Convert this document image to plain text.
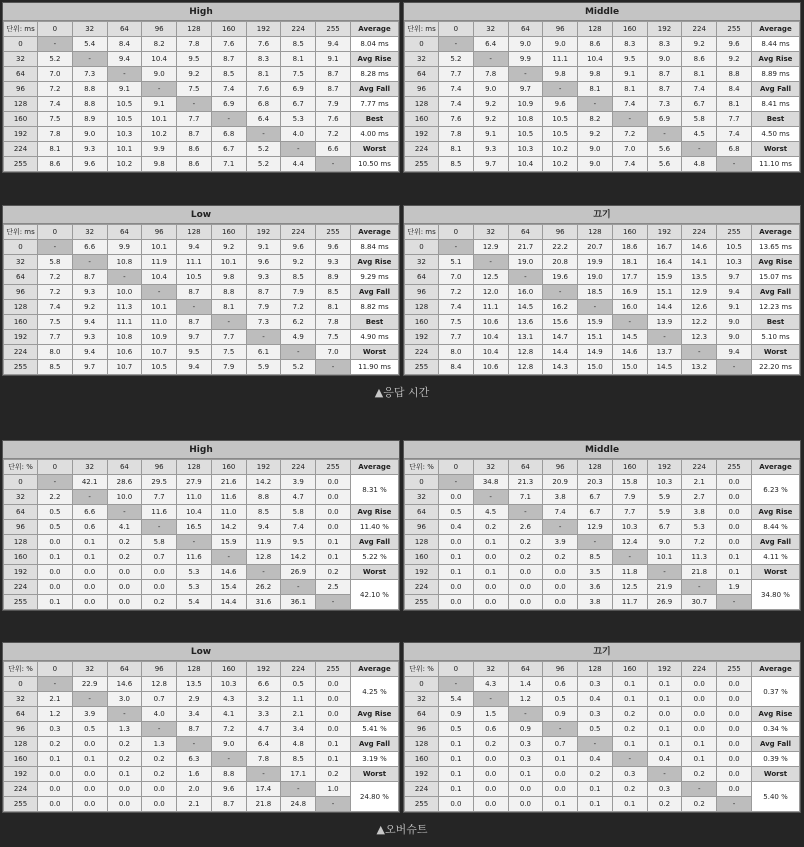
High
단위: ms	0	32	64	96	128	160	192	224	255	Average
0	-	5.4	8.4	8.2	7.8	7.6	7.6	8.5	9.4	8.04 ms
32	5.2	-	9.4	10.4	9.5	8.7	8.3	8.1	9.1	Avg Rise
64	7.0	7.3	-	9.0	9.2	8.5	8.1	7.5	8.7	8.28 ms
96	7.2	8.8	9.1	-	7.5	7.4	7.6	6.9	8.7	Avg Fall
128	7.4	8.8	10.5	9.1	-	6.9	6.8	6.7	7.9	7.77 ms
160	7.5	8.9	10.5	10.1	7.7	-	6.4	5.3	7.6	Best
192	7.8	9.0	10.3	10.2	8.7	6.8	-	4.0	7.2	4.00 ms
224	8.1	9.3	10.1	9.9	8.6	6.7	5.2	-	6.6	Worst
255	8.6	9.6	10.2	9.8	8.6	7.1	5.2	4.4	-	10.50 ms
Middle
단위: ms	0	32	64	96	128	160	192	224	255	Average
0	-	6.4	9.0	9.0	8.6	8.3	8.3	9.2	9.6	8.44 ms
32	5.2	-	9.9	11.1	10.4	9.5	9.0	8.6	9.2	Avg Rise
64	7.7	7.8	-	9.8	9.8	9.1	8.7	8.1	8.8	8.89 ms
96	7.4	9.0	9.7	-	8.1	8.1	8.7	7.4	8.4	Avg Fall
128	7.4	9.2	10.9	9.6	-	7.4	7.3	6.7	8.1	8.41 ms
160	7.6	9.2	10.8	10.5	8.2	-	6.9	5.8	7.7	Best
192	7.8	9.1	10.5	10.5	9.2	7.2	-	4.5	7.4	4.50 ms
224	8.1	9.3	10.3	10.2	9.0	7.0	5.6	-	6.8	Worst
255	8.5	9.7	10.4	10.2	9.0	7.4	5.6	4.8	-	11.10 ms
Low
단위: ms	0	32	64	96	128	160	192	224	255	Average
0	-	6.6	9.9	10.1	9.4	9.2	9.1	9.6	9.6	8.84 ms
32	5.8	-	10.8	11.9	11.1	10.1	9.6	9.2	9.3	Avg Rise
64	7.2	8.7	-	10.4	10.5	9.8	9.3	8.5	8.9	9.29 ms
96	7.2	9.3	10.0	-	8.7	8.8	8.7	7.9	8.5	Avg Fall
128	7.4	9.2	11.3	10.1	-	8.1	7.9	7.2	8.1	8.82 ms
160	7.5	9.4	11.1	11.0	8.7	-	7.3	6.2	7.8	Best
192	7.7	9.3	10.8	10.9	9.7	7.7	-	4.9	7.5	4.90 ms
224	8.0	9.4	10.6	10.7	9.5	7.5	6.1	-	7.0	Worst
255	8.5	9.7	10.7	10.5	9.4	7.9	5.9	5.2	-	11.90 ms
끄기
단위: ms	0	32	64	96	128	160	192	224	255	Average
0	-	12.9	21.7	22.2	20.7	18.6	16.7	14.6	10.5	13.65 ms
32	5.1	-	19.0	20.8	19.9	18.1	16.4	14.1	10.3	Avg Rise
64	7.0	12.5	-	19.6	19.0	17.7	15.9	13.5	9.7	15.07 ms
96	7.2	12.0	16.0	-	18.5	16.9	15.1	12.9	9.4	Avg Fall
128	7.4	11.1	14.5	16.2	-	16.0	14.4	12.6	9.1	12.23 ms
160	7.5	10.6	13.6	15.6	15.9	-	13.9	12.2	9.0	Best
192	7.7	10.4	13.1	14.7	15.1	14.5	-	12.3	9.0	5.10 ms
224	8.0	10.4	12.8	14.4	14.9	14.6	13.7	-	9.4	Worst
255	8.4	10.6	12.8	14.3	15.0	15.0	14.5	13.2	-	22.20 ms
▲응답 시간
High
단위: %	0	32	64	96	128	160	192	224	255	Average
0	-	42.1	28.6	29.5	27.9	21.6	14.2	3.9	0.0	8.31 %
32	2.2	-	10.0	7.7	11.0	11.6	8.8	4.7	0.0	
64	0.5	6.6	-	11.6	10.4	11.0	8.5	5.8	0.0	Avg Rise
96	0.5	0.6	4.1	-	16.5	14.2	9.4	7.4	0.0	11.40 %
128	0.0	0.1	0.2	5.8	-	15.9	11.9	9.5	0.1	Avg Fall
160	0.1	0.1	0.2	0.7	11.6	-	12.8	14.2	0.1	5.22 %
192	0.0	0.0	0.0	0.0	5.3	14.6	-	26.9	0.2	Worst
224	0.0	0.0	0.0	0.0	5.3	15.4	26.2	-	2.5	42.10 %
255	0.1	0.0	0.0	0.2	5.4	14.4	31.6	36.1	-	
Middle
단위: %	0	32	64	96	128	160	192	224	255	Average
0	-	34.8	21.3	20.9	20.3	15.8	10.3	2.1	0.0	6.23 %
32	0.0	-	7.1	3.8	6.7	7.9	5.9	2.7	0.0	
64	0.5	4.5	-	7.4	6.7	7.7	5.9	3.8	0.0	Avg Rise
96	0.4	0.2	2.6	-	12.9	10.3	6.7	5.3	0.0	8.44 %
128	0.0	0.1	0.2	3.9	-	12.4	9.0	7.2	0.0	Avg Fall
160	0.1	0.0	0.2	0.2	8.5	-	10.1	11.3	0.1	4.11 %
192	0.1	0.1	0.0	0.0	3.5	11.8	-	21.8	0.1	Worst
224	0.0	0.0	0.0	0.0	3.6	12.5	21.9	-	1.9	34.80 %
255	0.0	0.0	0.0	0.0	3.8	11.7	26.9	30.7	-	
Low
단위: %	0	32	64	96	128	160	192	224	255	Average
0	-	22.9	14.6	12.8	13.5	10.3	6.6	0.5	0.0	4.25 %
32	2.1	-	3.0	0.7	2.9	4.3	3.2	1.1	0.0	
64	1.2	3.9	-	4.0	3.4	4.1	3.3	2.1	0.0	Avg Rise
96	0.3	0.5	1.3	-	8.7	7.2	4.7	3.4	0.0	5.41 %
128	0.2	0.0	0.2	1.3	-	9.0	6.4	4.8	0.1	Avg Fall
160	0.1	0.1	0.2	0.2	6.3	-	7.8	8.5	0.1	3.19 %
192	0.0	0.0	0.1	0.2	1.6	8.8	-	17.1	0.2	Worst
224	0.0	0.0	0.0	0.0	2.0	9.6	17.4	-	1.0	24.80 %
255	0.0	0.0	0.0	0.0	2.1	8.7	21.8	24.8	-	
끄기
단위: %	0	32	64	96	128	160	192	224	255	Average
0	-	4.3	1.4	0.6	0.3	0.1	0.1	0.0	0.0	0.37 %
32	5.4	-	1.2	0.5	0.4	0.1	0.1	0.0	0.0	
64	0.9	1.5	-	0.9	0.3	0.2	0.0	0.0	0.0	Avg Rise
96	0.5	0.6	0.9	-	0.5	0.2	0.1	0.0	0.0	0.34 %
128	0.1	0.2	0.3	0.7	-	0.1	0.1	0.1	0.0	Avg Fall
160	0.1	0.0	0.3	0.1	0.4	-	0.4	0.1	0.0	0.39 %
192	0.1	0.0	0.1	0.0	0.2	0.3	-	0.2	0.0	Worst
224	0.1	0.0	0.0	0.0	0.1	0.2	0.3	-	0.0	5.40 %
255	0.0	0.0	0.0	0.1	0.1	0.1	0.2	0.2	-	
▲오버슈트
